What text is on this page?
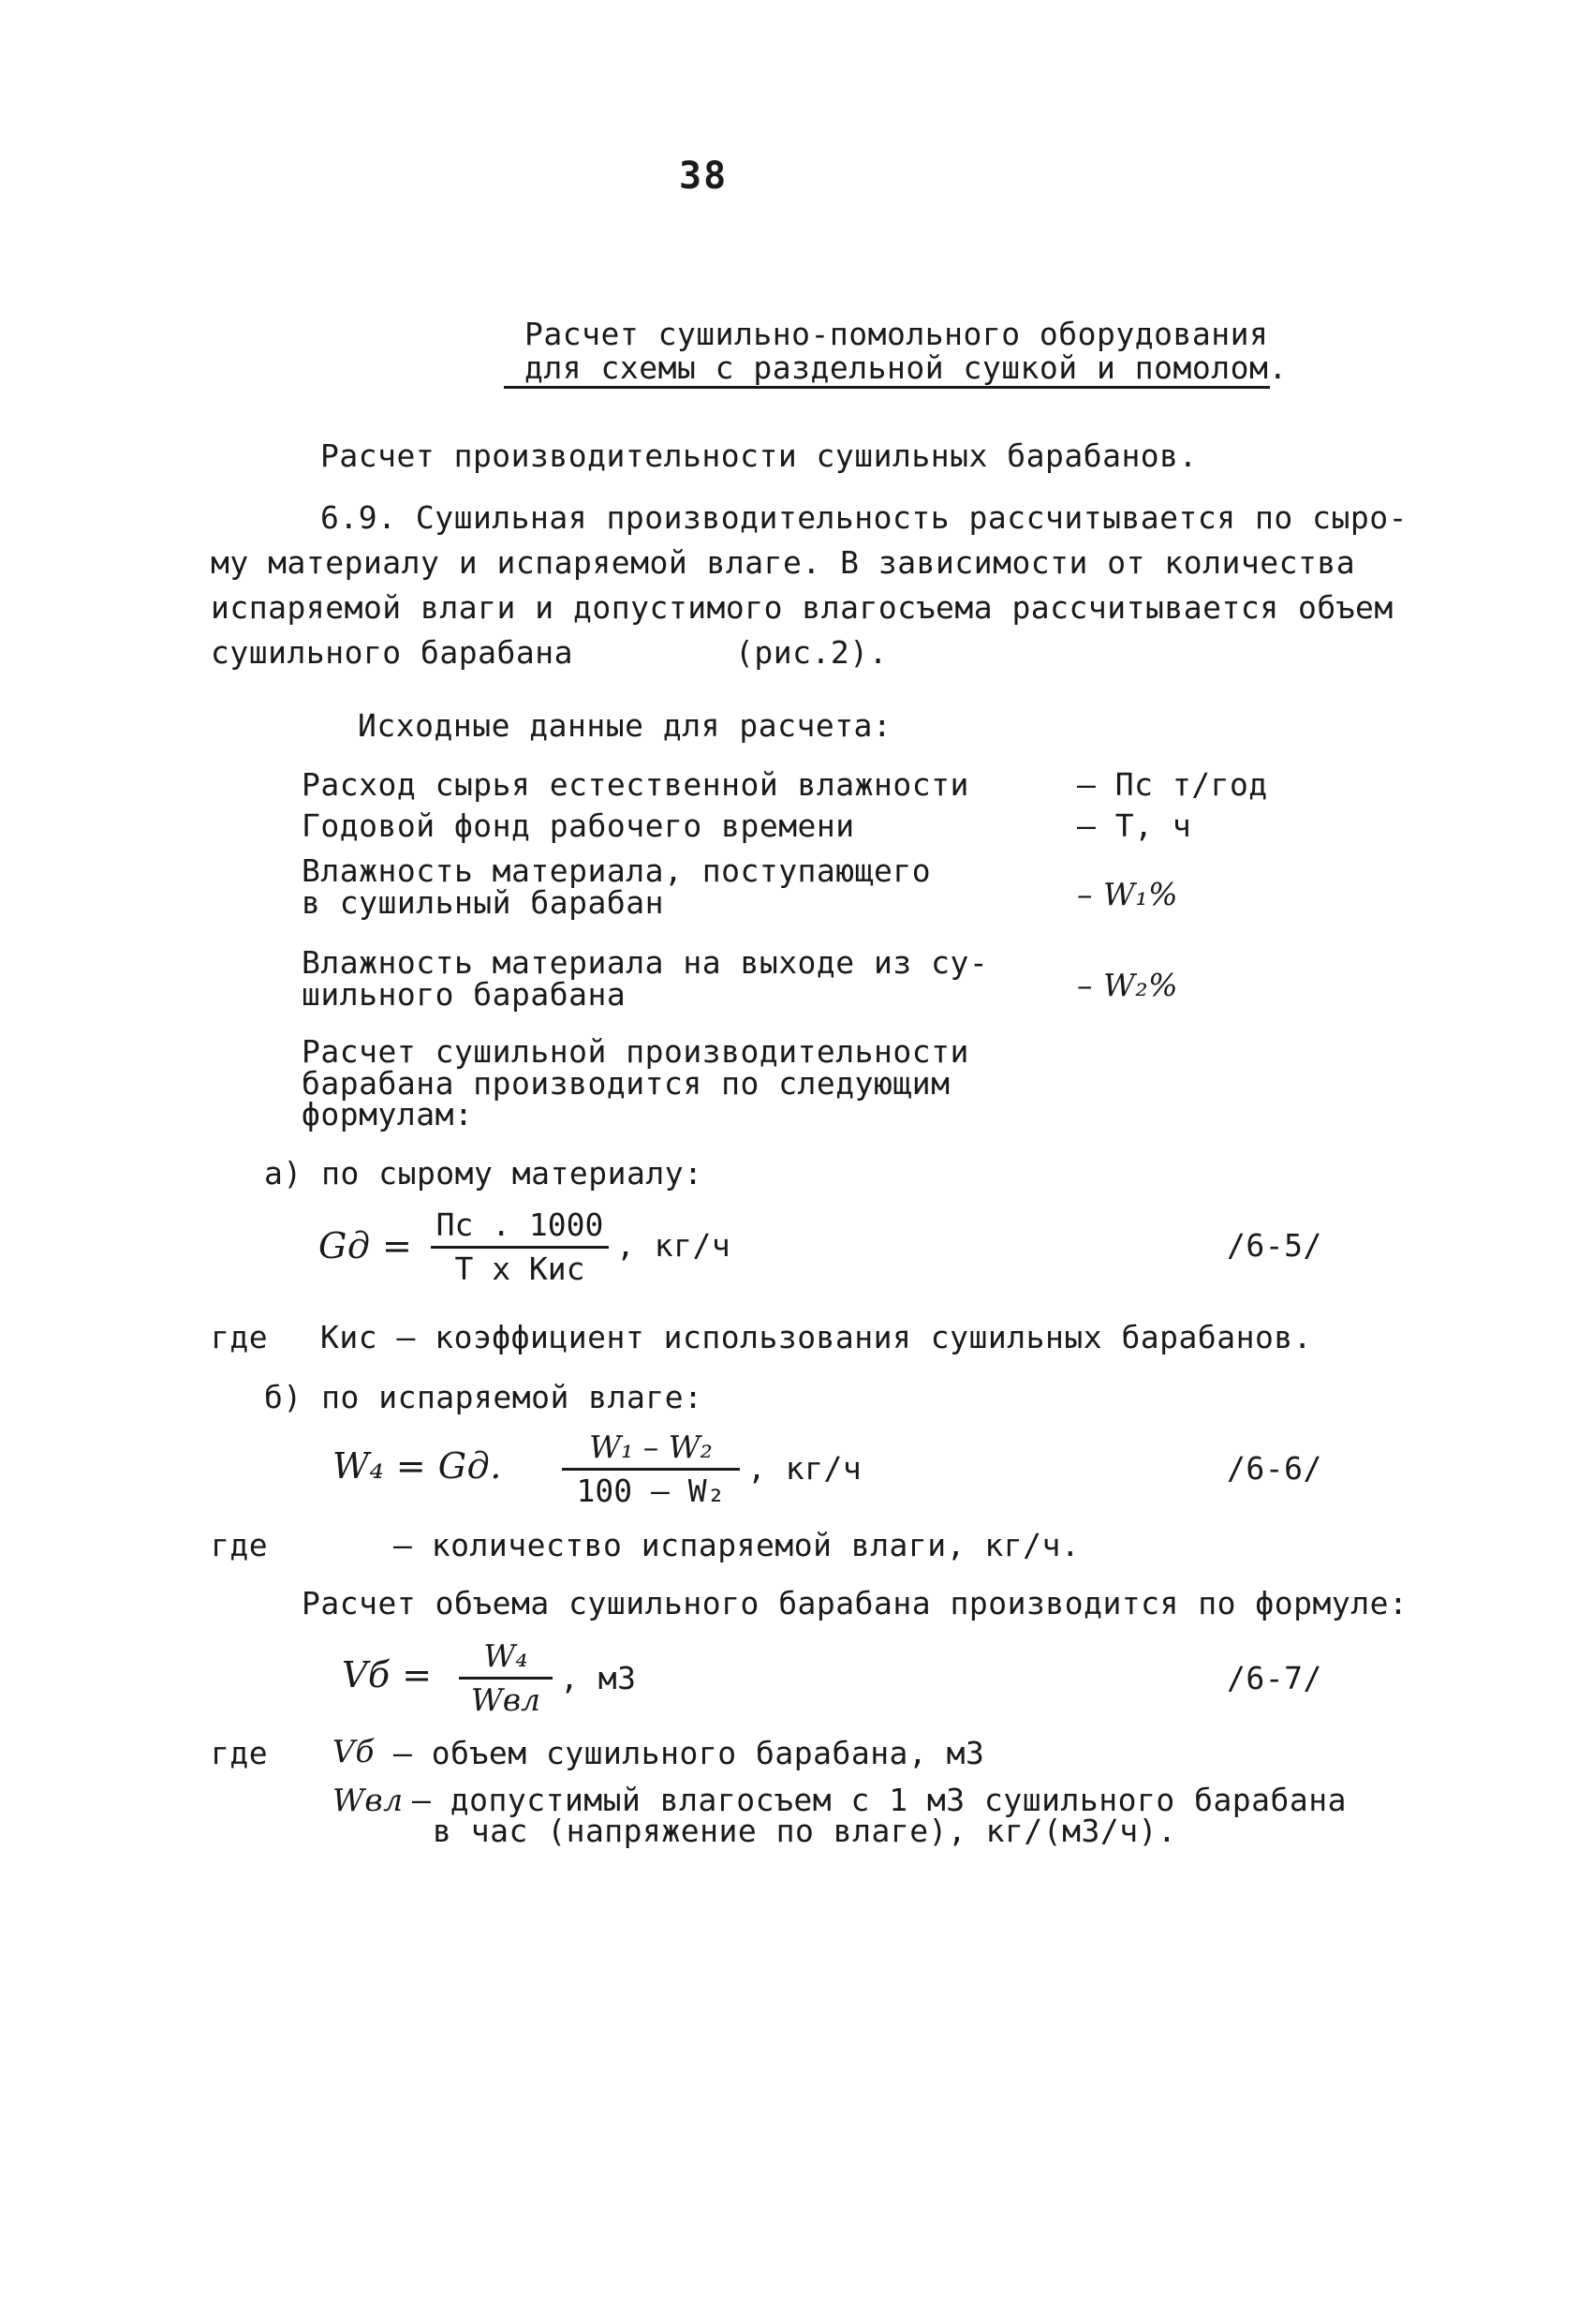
38
Расчет сушильно-помольного оборудования
для схемы с раздельной сушкой и помолом.
Расчет производительности сушильных барабанов.
6.9. Сушильная производительность рассчитывается по сыро-
му материалу и испаряемой влаге. В зависимости от количества
испаряемой влаги и допустимого влагосъема рассчитывается объем
сушильного барабана	(рис.2).
Исходные данные для расчета:
Расход сырья естественной влажности	– Пс т/год
Годовой фонд рабочего времени	– Т, ч
Влажность материала, поступающего
в сушильный барабан	– W₁%
Влажность материала на выходе из су-
шильного барабана	– W₂%
Расчет сушильной производительности
барабана производится по следующим
формулам:
а) по сырому материалу:
Gд =
Пс . 1000
Т x Кис
, кг/ч	/6-5/
где Кис – коэффициент использования сушильных барабанов.
б) по испаряемой влаге:
W₄ = Gд.	W₁ – W₂
100 – W₂
, кг/ч	/6-6/
где	– количество испаряемой влаги, кг/ч.
Расчет объема сушильного барабана производится по формуле:
Vб =	W₄
Wвл
, м3	/6-7/
где Vб – объем сушильного барабана, м3
Wвл – допустимый влагосъем с 1 м3 сушильного барабана
в час (напряжение по влаге), кг/(м3/ч).
